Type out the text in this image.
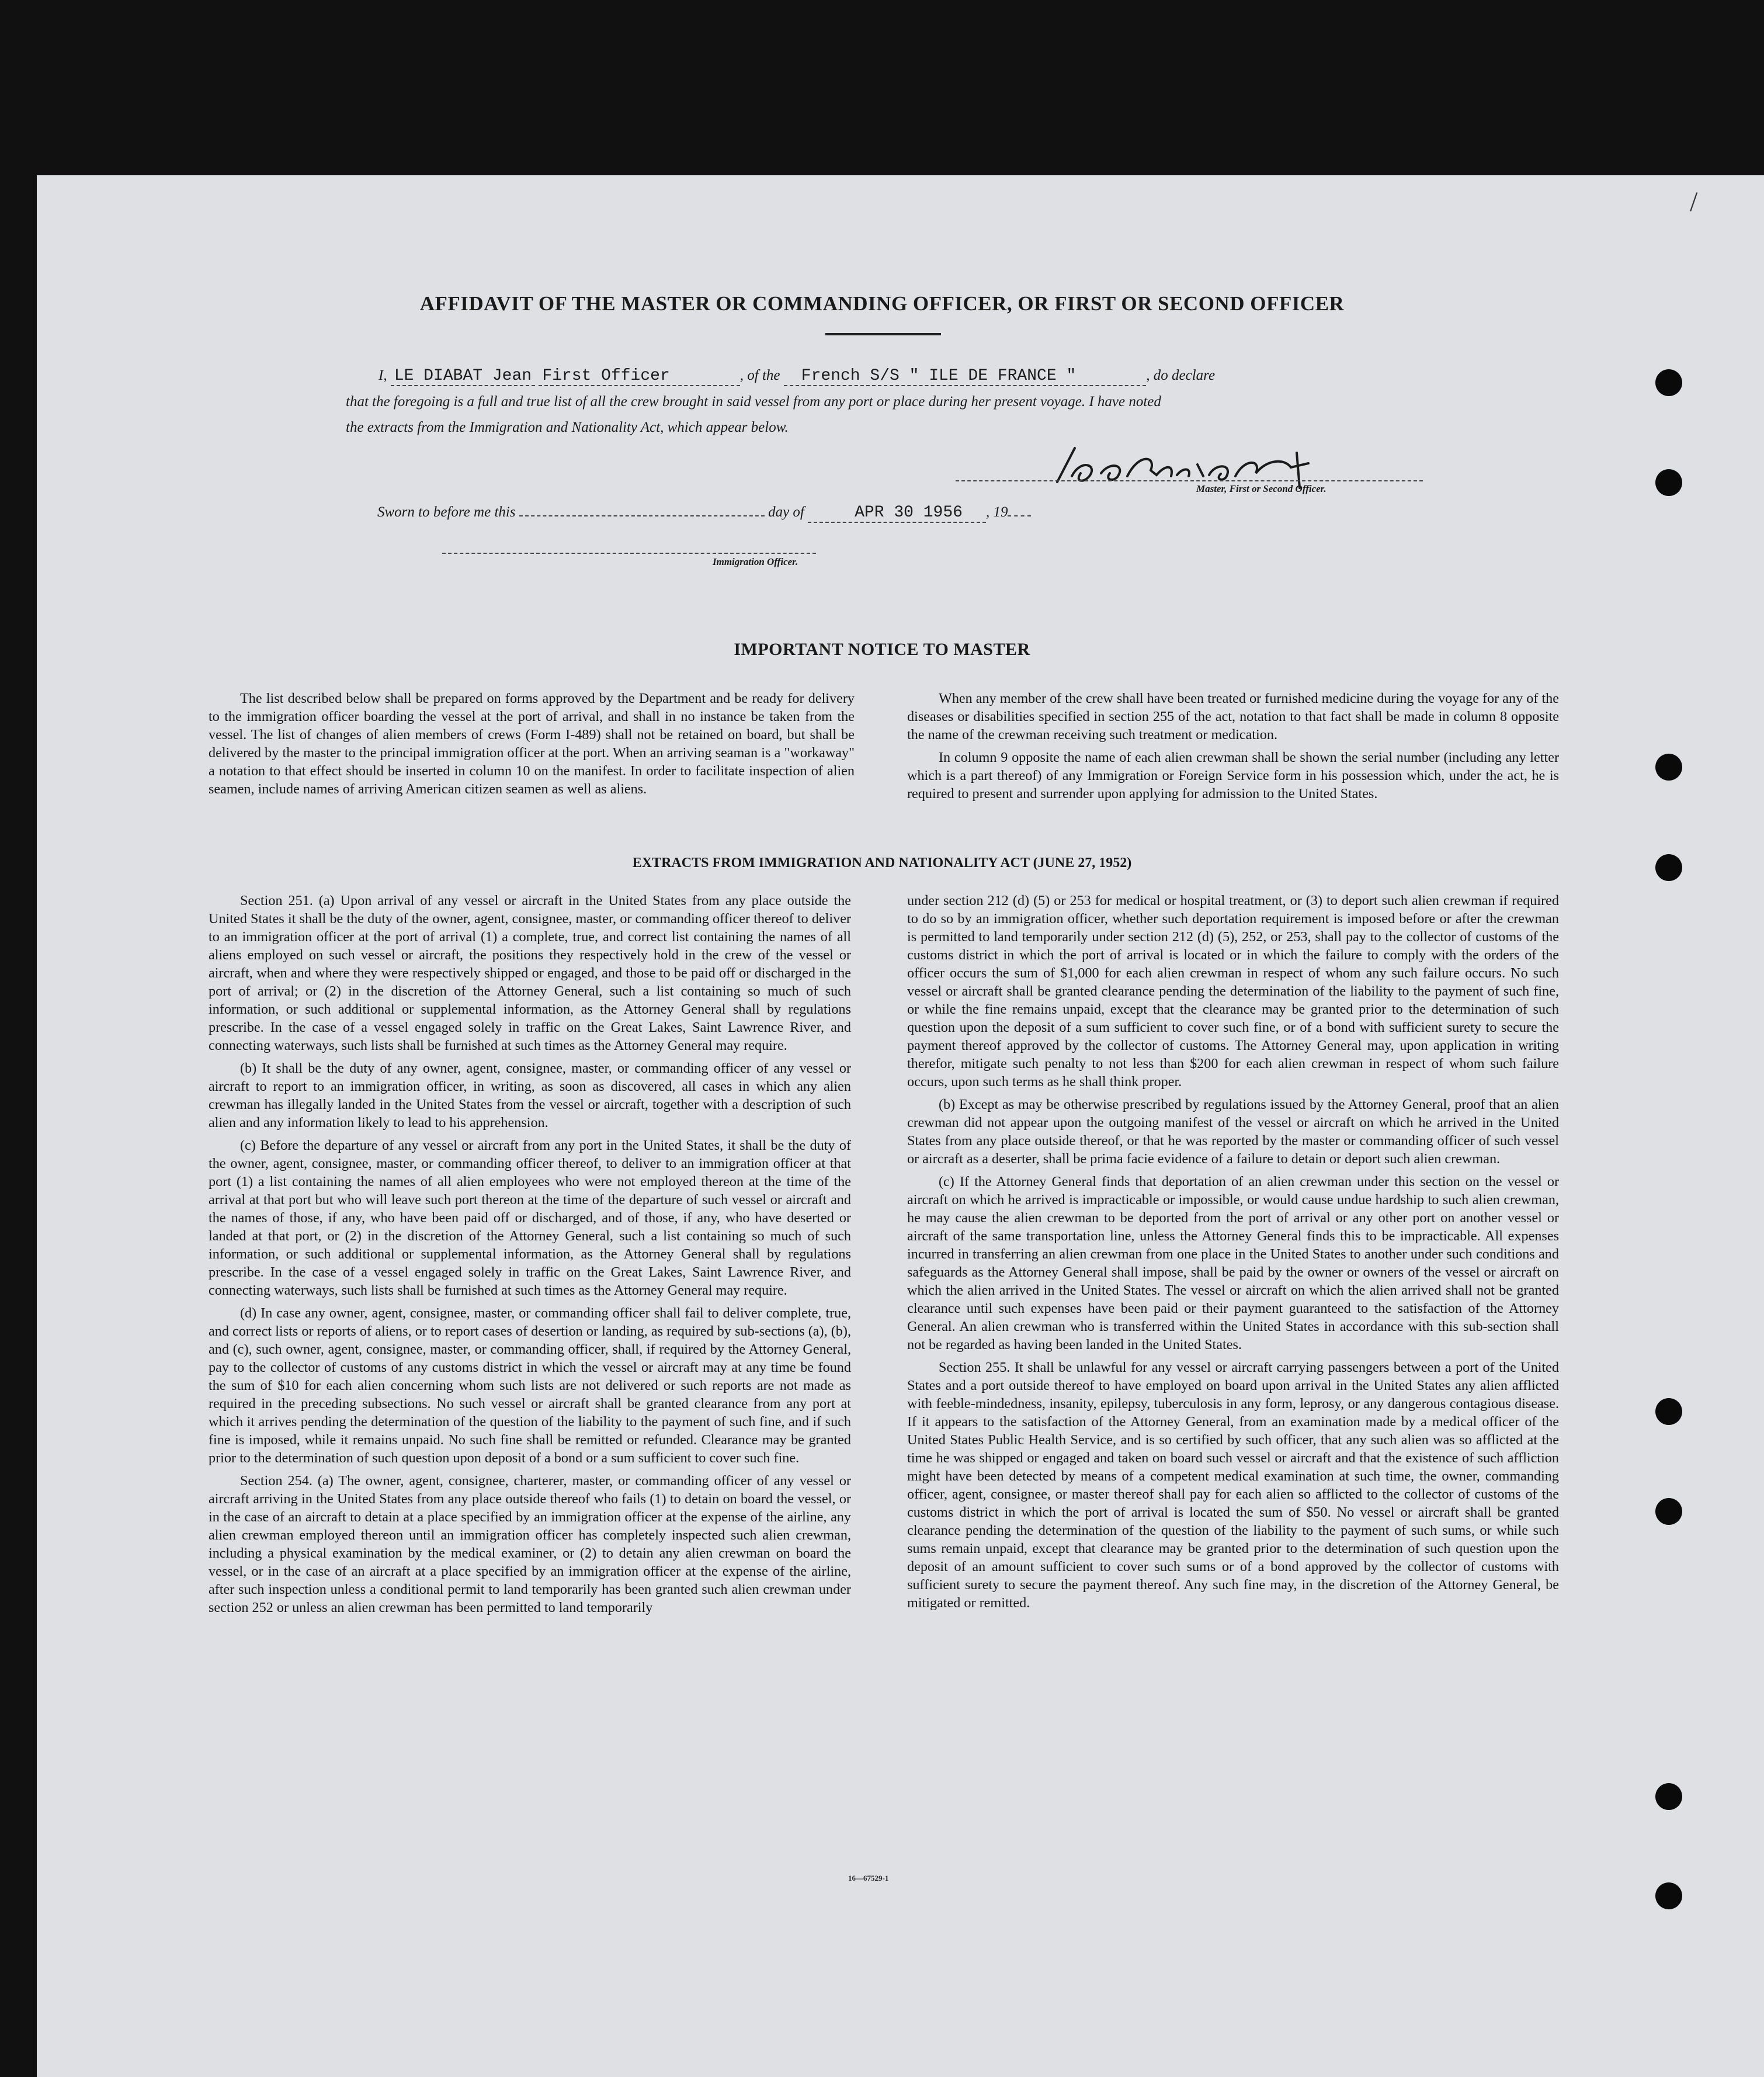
/
AFFIDAVIT OF THE MASTER OR COMMANDING OFFICER, OR FIRST OR SECOND OFFICER
I, LE DIABAT Jean First Officer	, of the French S/S " ILE DE FRANCE "	, do declare
that the foregoing is a full and true list of all the crew brought in said vessel from any port or place during her present voyage. I have noted
the extracts from the Immigration and Nationality Act, which appear below.
Master, First or Second Officer.
Sworn to before me this	day of	APR 30 1956 , 19
Immigration Officer.
IMPORTANT NOTICE TO MASTER

The list described below shall be prepared on forms approved by the Department and be ready for delivery to the immigration officer boarding the vessel at the port of arrival, and shall in no instance be taken from the vessel. The list of changes of alien members of crews (Form I-489) shall not be retained on board, but shall be delivered by the master to the principal immigration officer at the port. When an arriving seaman is a "workaway" a notation to that effect should be inserted in column 10 on the manifest. In order to facilitate inspection of alien seamen, include names of arriving American citizen seamen as well as aliens.

When any member of the crew shall have been treated or furnished medicine during the voyage for any of the diseases or disabilities specified in section 255 of the act, notation to that fact shall be made in column 8 opposite the name of the crewman receiving such treatment or medication.

In column 9 opposite the name of each alien crewman shall be shown the serial number (including any letter which is a part thereof) of any Immigration or Foreign Service form in his possession which, under the act, he is required to present and surrender upon applying for admission to the United States.

EXTRACTS FROM IMMIGRATION AND NATIONALITY ACT (JUNE 27, 1952)

Section 251. (a) Upon arrival of any vessel or aircraft in the United States from any place outside the United States it shall be the duty of the owner, agent, consignee, master, or commanding officer thereof to deliver to an immigration officer at the port of arrival (1) a complete, true, and correct list containing the names of all aliens employed on such vessel or aircraft, the positions they respectively hold in the crew of the vessel or aircraft, when and where they were respectively shipped or engaged, and those to be paid off or discharged in the port of arrival; or (2) in the discretion of the Attorney General, such a list containing so much of such information, or such additional or supplemental information, as the Attorney General shall by regulations prescribe. In the case of a vessel engaged solely in traffic on the Great Lakes, Saint Lawrence River, and connecting waterways, such lists shall be furnished at such times as the Attorney General may require.

(b) It shall be the duty of any owner, agent, consignee, master, or commanding officer of any vessel or aircraft to report to an immigration officer, in writing, as soon as discovered, all cases in which any alien crewman has illegally landed in the United States from the vessel or aircraft, together with a description of such alien and any information likely to lead to his apprehension.

(c) Before the departure of any vessel or aircraft from any port in the United States, it shall be the duty of the owner, agent, consignee, master, or commanding officer thereof, to deliver to an immigration officer at that port (1) a list containing the names of all alien employees who were not employed thereon at the time of the arrival at that port but who will leave such port thereon at the time of the departure of such vessel or aircraft and the names of those, if any, who have been paid off or discharged, and of those, if any, who have deserted or landed at that port, or (2) in the discretion of the Attorney General, such a list containing so much of such information, or such additional or supplemental information, as the Attorney General shall by regulations prescribe. In the case of a vessel engaged solely in traffic on the Great Lakes, Saint Lawrence River, and connecting waterways, such lists shall be furnished at such times as the Attorney General may require.

(d) In case any owner, agent, consignee, master, or commanding officer shall fail to deliver complete, true, and correct lists or reports of aliens, or to report cases of desertion or landing, as required by sub-sections (a), (b), and (c), such owner, agent, consignee, master, or commanding officer, shall, if required by the Attorney General, pay to the collector of customs of any customs district in which the vessel or aircraft may at any time be found the sum of $10 for each alien concerning whom such lists are not delivered or such reports are not made as required in the preceding subsections. No such vessel or aircraft shall be granted clearance from any port at which it arrives pending the determination of the question of the liability to the payment of such fine, and if such fine is imposed, while it remains unpaid. No such fine shall be remitted or refunded. Clearance may be granted prior to the determination of such question upon deposit of a bond or a sum sufficient to cover such fine.

Section 254. (a) The owner, agent, consignee, charterer, master, or commanding officer of any vessel or aircraft arriving in the United States from any place outside thereof who fails (1) to detain on board the vessel, or in the case of an aircraft to detain at a place specified by an immigration officer at the expense of the airline, any alien crewman employed thereon until an immigration officer has completely inspected such alien crewman, including a physical examination by the medical examiner, or (2) to detain any alien crewman on board the vessel, or in the case of an aircraft at a place specified by an immigration officer at the expense of the airline, after such inspection unless a conditional permit to land temporarily has been granted such alien crewman under section 252 or unless an alien crewman has been permitted to land temporarily

under section 212 (d) (5) or 253 for medical or hospital treatment, or (3) to deport such alien crewman if required to do so by an immigration officer, whether such deportation requirement is imposed before or after the crewman is permitted to land temporarily under section 212 (d) (5), 252, or 253, shall pay to the collector of customs of the customs district in which the port of arrival is located or in which the failure to comply with the orders of the officer occurs the sum of $1,000 for each alien crewman in respect of whom any such failure occurs. No such vessel or aircraft shall be granted clearance pending the determination of the liability to the payment of such fine, or while the fine remains unpaid, except that the clearance may be granted prior to the determination of such question upon the deposit of a sum sufficient to cover such fine, or of a bond with sufficient surety to secure the payment thereof approved by the collector of customs. The Attorney General may, upon application in writing therefor, mitigate such penalty to not less than $200 for each alien crewman in respect of whom such failure occurs, upon such terms as he shall think proper.

(b) Except as may be otherwise prescribed by regulations issued by the Attorney General, proof that an alien crewman did not appear upon the outgoing manifest of the vessel or aircraft on which he arrived in the United States from any place outside thereof, or that he was reported by the master or commanding officer of such vessel or aircraft as a deserter, shall be prima facie evidence of a failure to detain or deport such alien crewman.

(c) If the Attorney General finds that deportation of an alien crewman under this section on the vessel or aircraft on which he arrived is impracticable or impossible, or would cause undue hardship to such alien crewman, he may cause the alien crewman to be deported from the port of arrival or any other port on another vessel or aircraft of the same transportation line, unless the Attorney General finds this to be impracticable. All expenses incurred in transferring an alien crewman from one place in the United States to another under such conditions and safeguards as the Attorney General shall impose, shall be paid by the owner or owners of the vessel or aircraft on which the alien arrived in the United States. The vessel or aircraft on which the alien arrived shall not be granted clearance until such expenses have been paid or their payment guaranteed to the satisfaction of the Attorney General. An alien crewman who is transferred within the United States in accordance with this sub-section shall not be regarded as having been landed in the United States.

Section 255. It shall be unlawful for any vessel or aircraft carrying passengers between a port of the United States and a port outside thereof to have employed on board upon arrival in the United States any alien afflicted with feeble-mindedness, insanity, epilepsy, tuberculosis in any form, leprosy, or any dangerous contagious disease. If it appears to the satisfaction of the Attorney General, from an examination made by a medical officer of the United States Public Health Service, and is so certified by such officer, that any such alien was so afflicted at the time he was shipped or engaged and taken on board such vessel or aircraft and that the existence of such affliction might have been detected by means of a competent medical examination at such time, the owner, commanding officer, agent, consignee, or master thereof shall pay for each alien so afflicted to the collector of customs of the customs district in which the port of arrival is located the sum of $50. No vessel or aircraft shall be granted clearance pending the determination of the question of the liability to the payment of such sums, or while such sums remain unpaid, except that clearance may be granted prior to the determination of such question upon the deposit of an amount sufficient to cover such sums or of a bond approved by the collector of customs with sufficient surety to secure the payment thereof. Any such fine may, in the discretion of the Attorney General, be mitigated or remitted.

16—67529-1
